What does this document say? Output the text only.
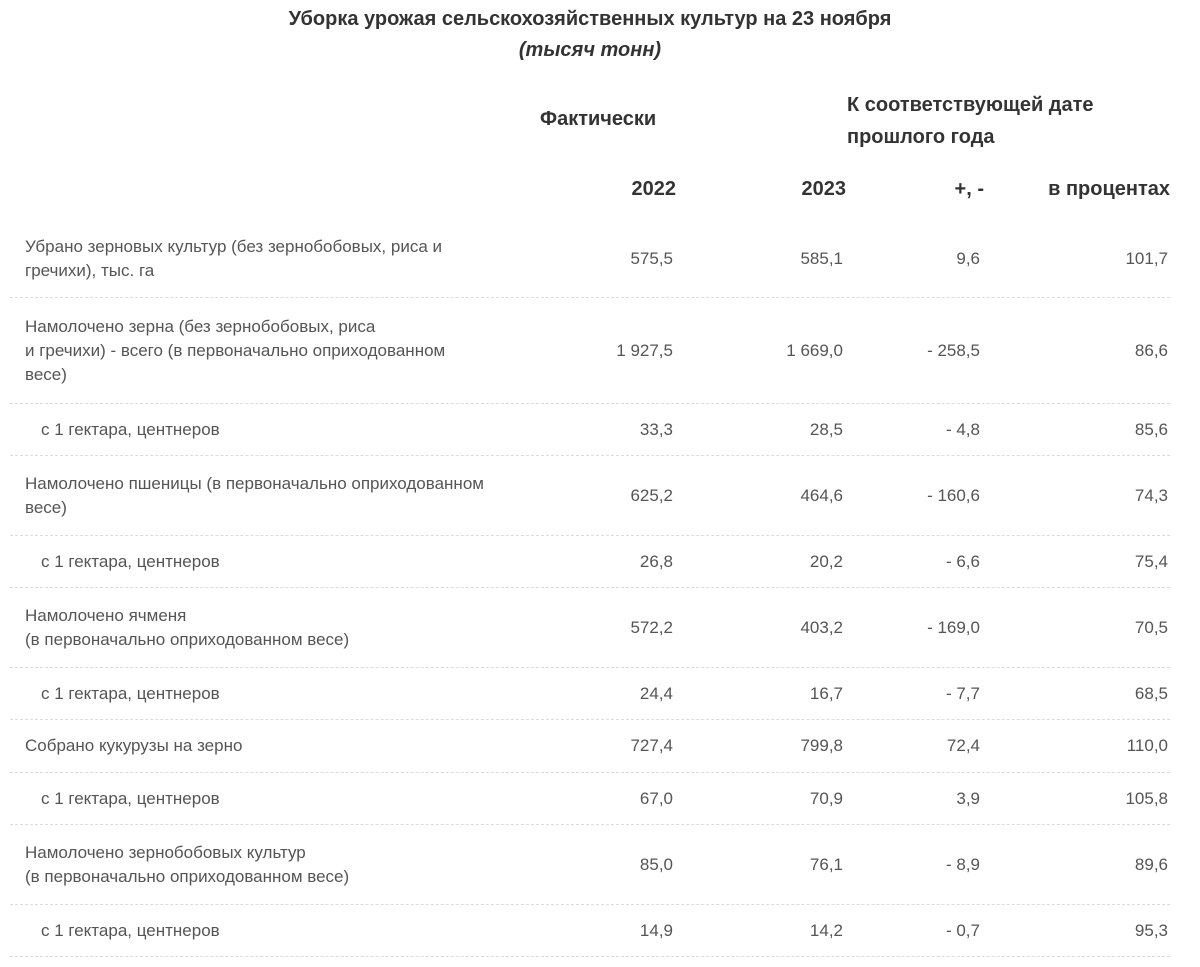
Уборка урожая сельскохозяйственных культур на 23 ноября
(тысяч тонн)
Фактически
К соответствующей дате прошлого года
2022	2023	+, -	в процентах
Убрано зерновых культур (без зернобобовых, риса и
гречихи), тыс. га
575,5	585,1	9,6	101,7
Намолочено зерна (без зернобобовых, риса
и гречихи) - всего (в первоначально оприходованном
весе)
1 927,5	1 669,0	- 258,5	86,6
с 1 гектара, центнеров	33,3	28,5	- 4,8	85,6
Намолочено пшеницы (в первоначально оприходованном
весе)
625,2	464,6	- 160,6	74,3
с 1 гектара, центнеров	26,8	20,2	- 6,6	75,4
Намолочено ячменя
(в первоначально оприходованном весе)
572,2	403,2	- 169,0	70,5
с 1 гектара, центнеров	24,4	16,7	- 7,7	68,5
Собрано кукурузы на зерно	727,4	799,8	72,4	110,0
с 1 гектара, центнеров	67,0	70,9	3,9	105,8
Намолочено зернобобовых культур
(в первоначально оприходованном весе)
85,0	76,1	- 8,9	89,6
с 1 гектара, центнеров	14,9	14,2	- 0,7	95,3
